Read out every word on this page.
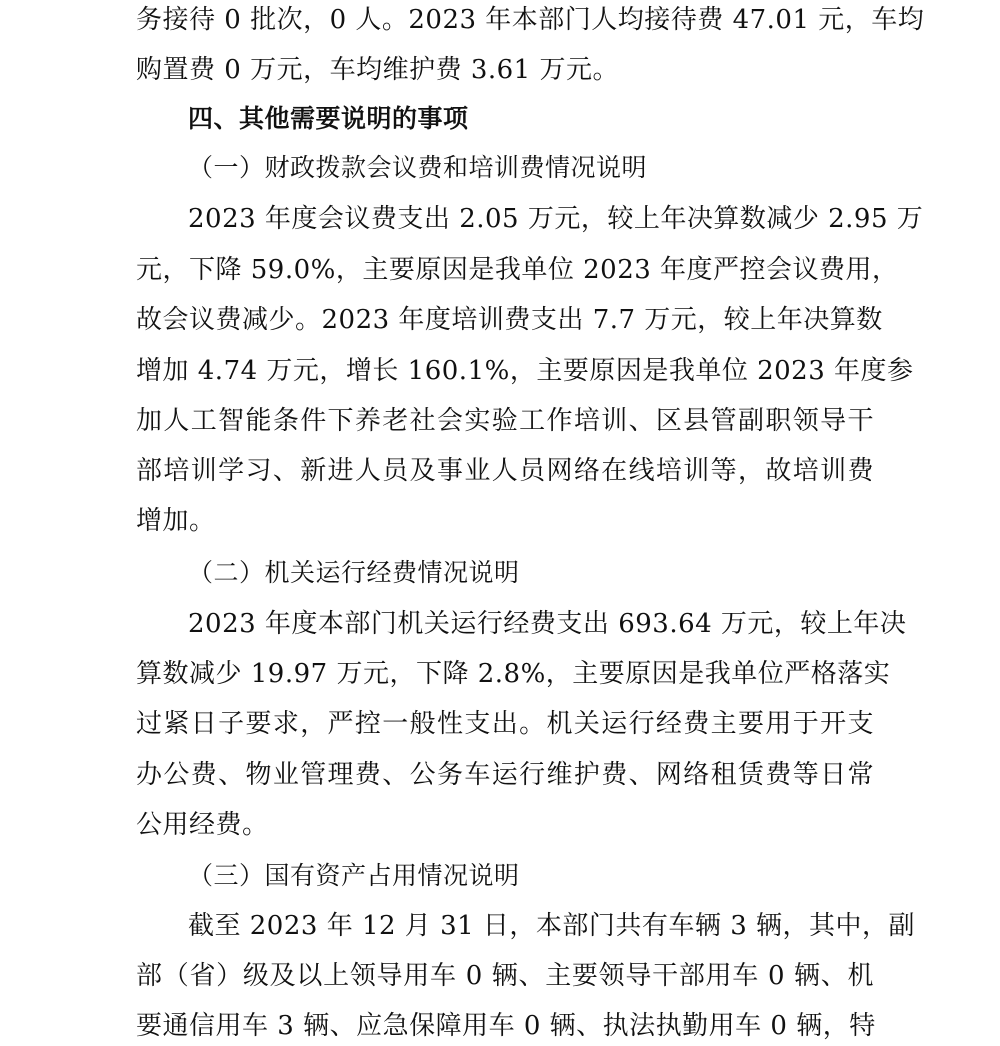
务接待 0 批次，0 人。2023 年本部门人均接待费 47.01 元，车均
购置费 0 万元，车均维护费 3.61 万元。
四、其他需要说明的事项
（一）财政拨款会议费和培训费情况说明
2023 年度会议费支出 2.05 万元，较上年决算数减少 2.95 万
元，下降 59.0%，主要原因是我单位 2023 年度严控会议费用，
故会议费减少。2023 年度培训费支出 7.7 万元，较上年决算数
增加 4.74 万元，增长 160.1%，主要原因是我单位 2023 年度参
加人工智能条件下养老社会实验工作培训、区县管副职领导干
部培训学习、新进人员及事业人员网络在线培训等，故培训费
增加。
（二）机关运行经费情况说明
2023 年度本部门机关运行经费支出 693.64 万元，较上年决
算数减少 19.97 万元，下降 2.8%，主要原因是我单位严格落实
过紧日子要求，严控一般性支出。机关运行经费主要用于开支
办公费、物业管理费、公务车运行维护费、网络租赁费等日常
公用经费。
（三）国有资产占用情况说明
截至 2023 年 12 月 31 日，本部门共有车辆 3 辆，其中，副
部（省）级及以上领导用车 0 辆、主要领导干部用车 0 辆、机
要通信用车 3 辆、应急保障用车 0 辆、执法执勤用车 0 辆，特
